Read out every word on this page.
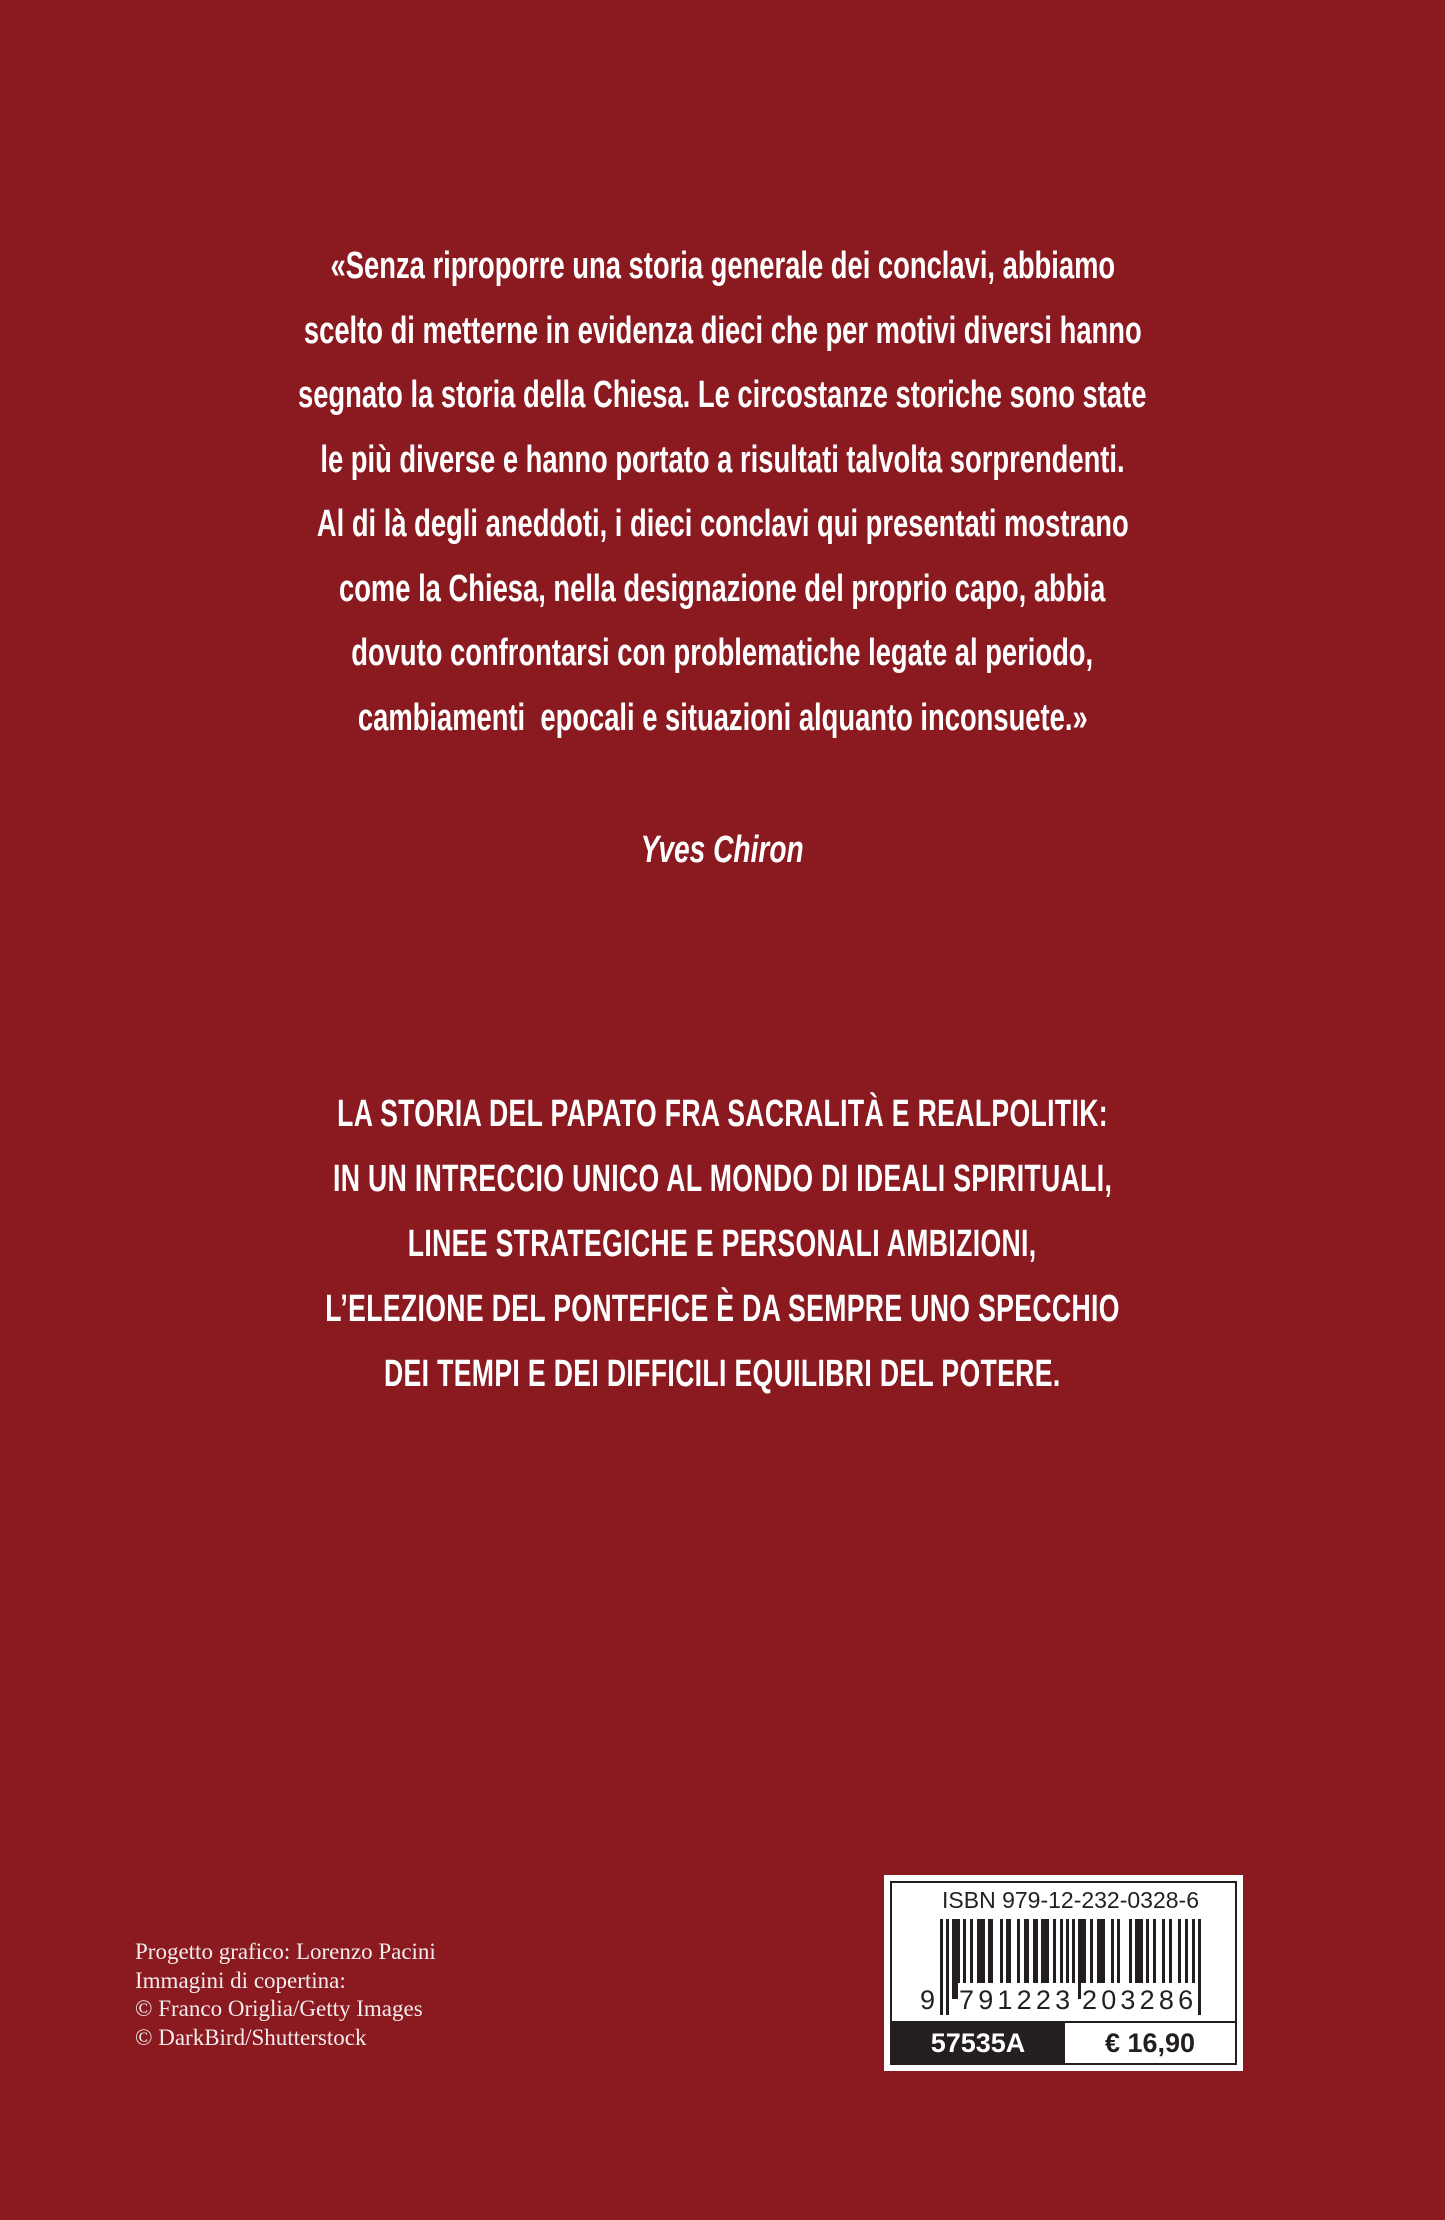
«Senza riproporre una storia generale dei conclavi, abbiamo
scelto di metterne in evidenza dieci che per motivi diversi hanno
segnato la storia della Chiesa. Le circostanze storiche sono state
le più diverse e hanno portato a risultati talvolta sorprendenti.
Al di là degli aneddoti, i dieci conclavi qui presentati mostrano
come la Chiesa, nella designazione del proprio capo, abbia
dovuto confrontarsi con problematiche legate al periodo,
cambiamenti  epocali e situazioni alquanto inconsuete.»
Yves Chiron
LA STORIA DEL PAPATO FRA SACRALITÀ E REALPOLITIK:
IN UN INTRECCIO UNICO AL MONDO DI IDEALI SPIRITUALI,
LINEE STRATEGICHE E PERSONALI AMBIZIONI,
L’ELEZIONE DEL PONTEFICE È DA SEMPRE UNO SPECCHIO
DEI TEMPI E DEI DIFFICILI EQUILIBRI DEL POTERE.
Progetto grafico: Lorenzo Pacini
Immagini di copertina:
© Franco Origlia/Getty Images
© DarkBird/Shutterstock
ISBN 979-12-232-0328-6
9 791223 203286
57535A	€ 16,90
